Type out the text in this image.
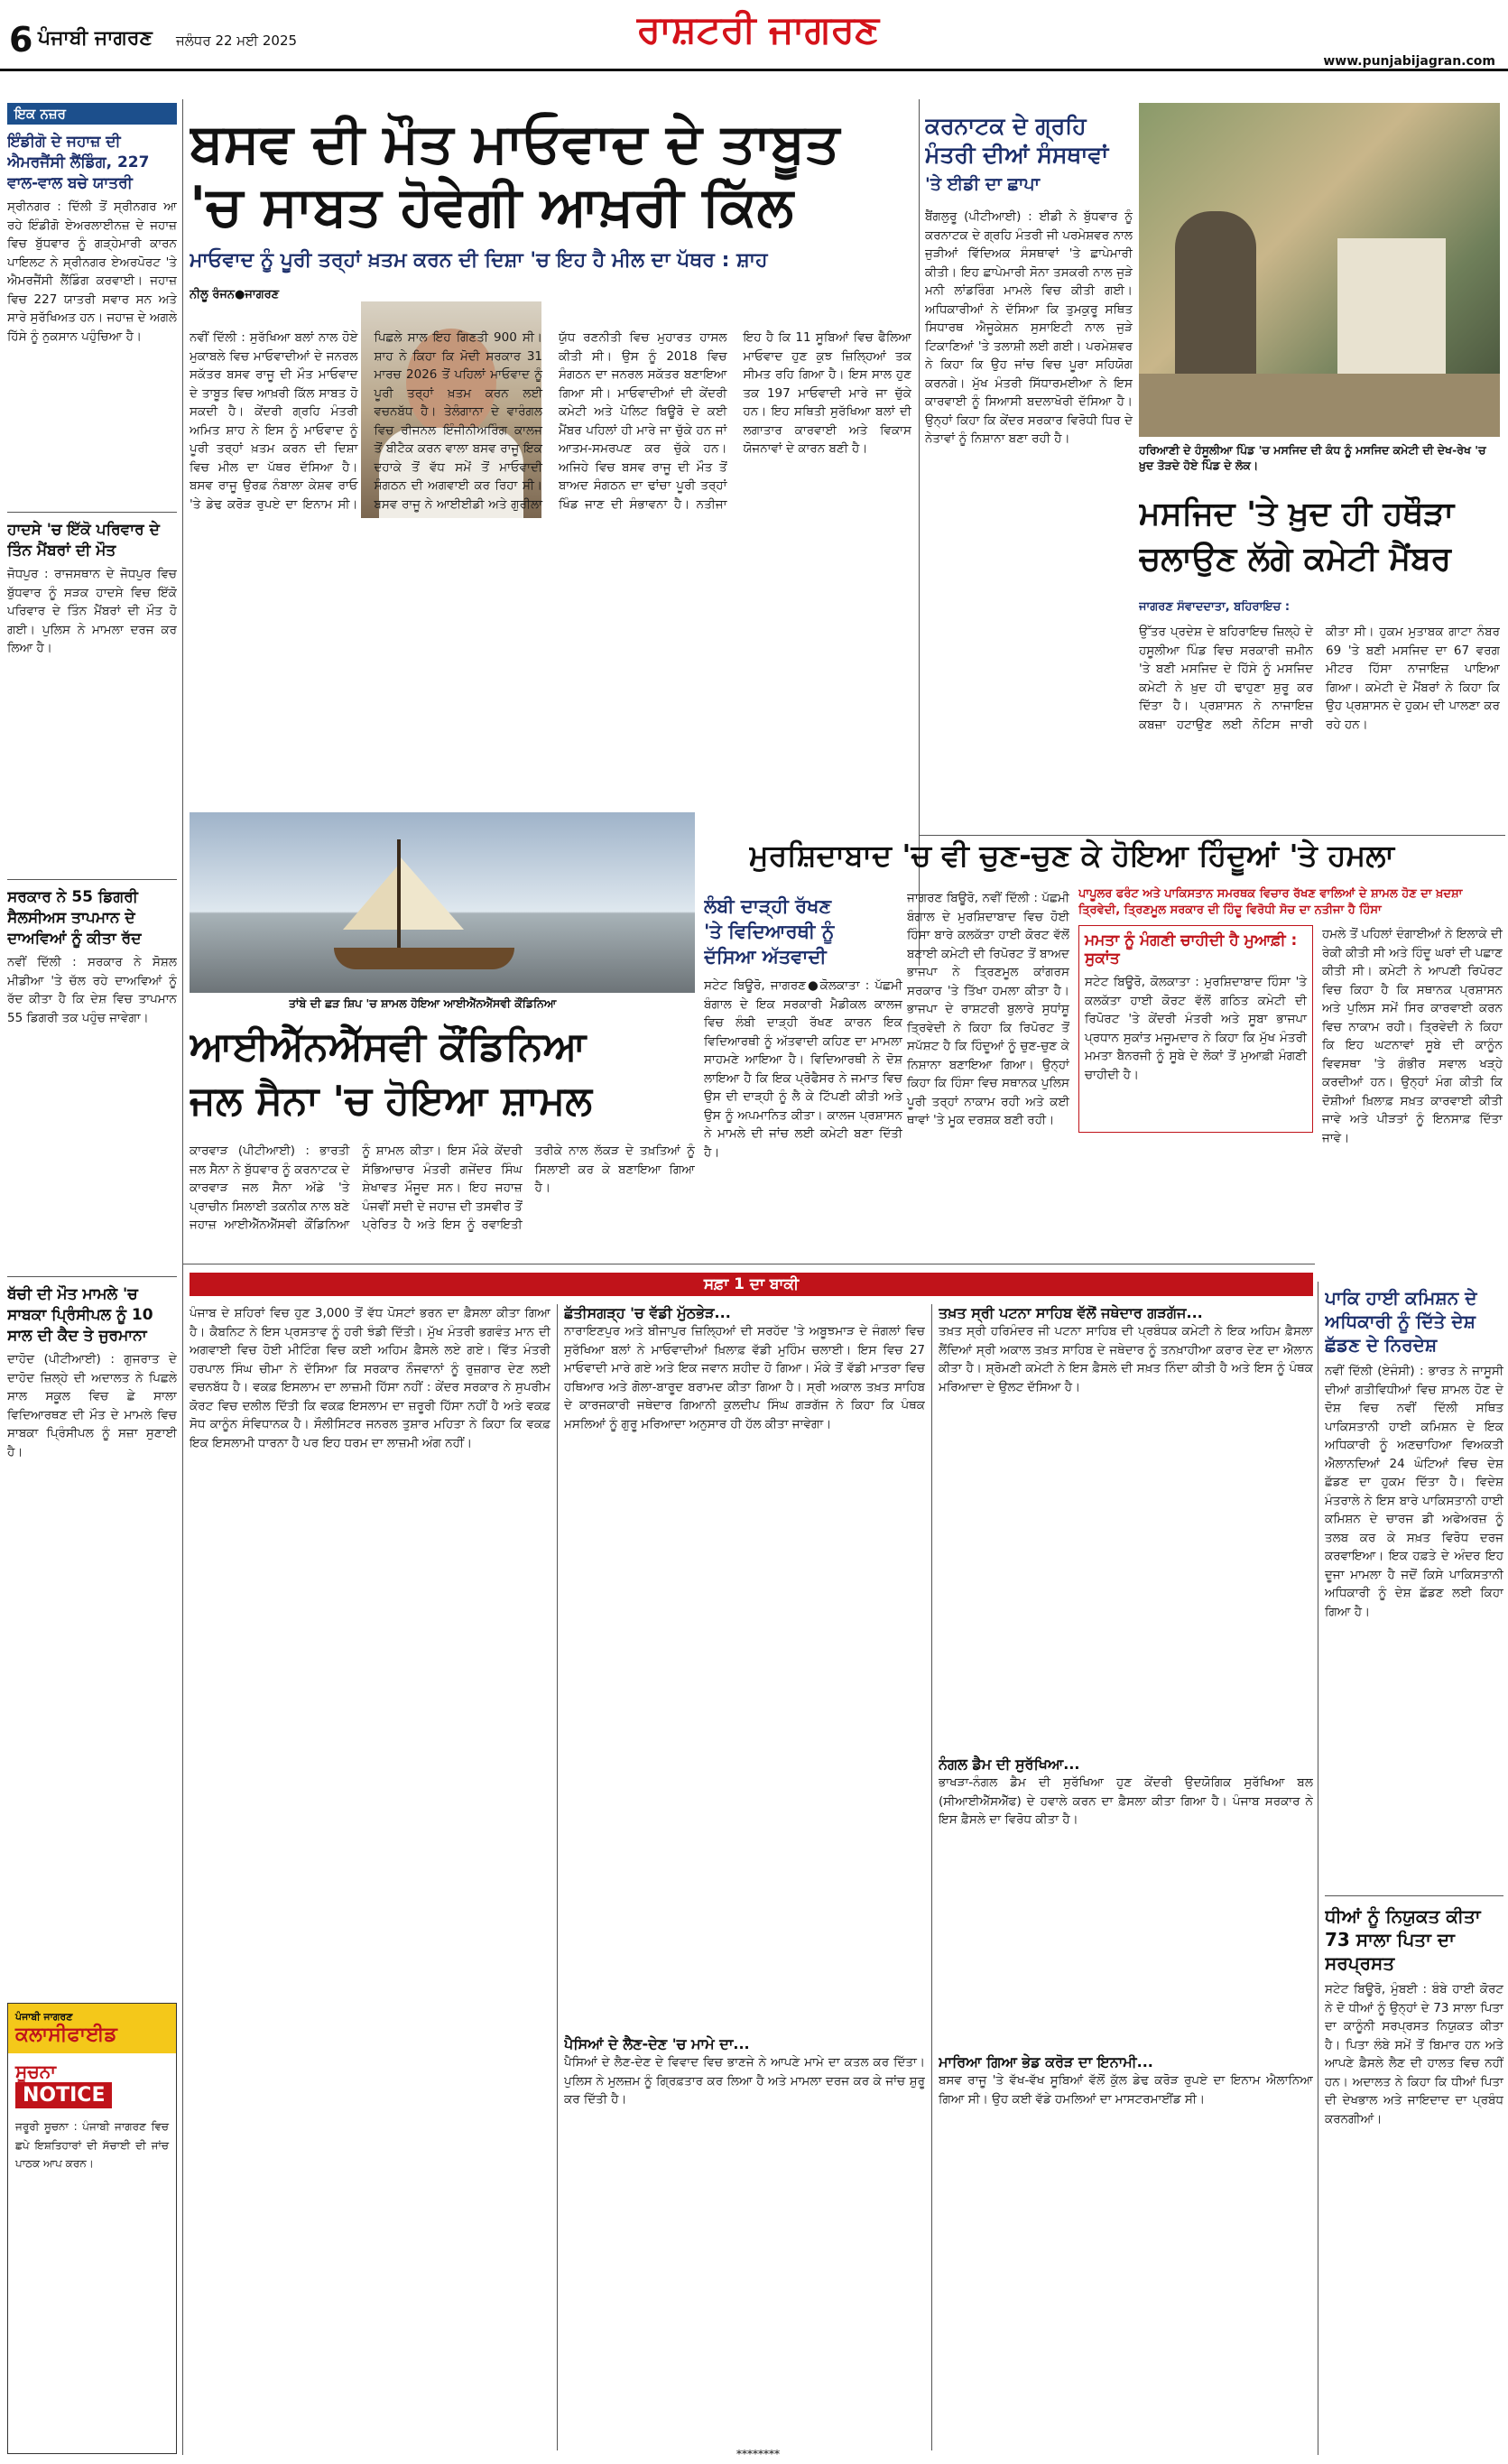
6 ਪੰਜਾਬੀ ਜਾਗਰਣ ਜਲੰਧਰ 22 ਮਈ 2025	ਰਾਸ਼ਟਰੀ ਜਾਗਰਣ
www.punjabijagran.com
ਇਕ ਨਜ਼ਰ
ਇੰਡੀਗੋ ਦੇ ਜਹਾਜ਼ ਦੀ ਐਮਰਜੈਂਸੀ ਲੈਂਡਿੰਗ, 227 ਵਾਲ-ਵਾਲ ਬਚੇ ਯਾਤਰੀ
ਸ੍ਰੀਨਗਰ : ਦਿੱਲੀ ਤੋਂ ਸ੍ਰੀਨਗਰ ਆ ਰਹੇ ਇੰਡੀਗੋ ਏਅਰਲਾਈਨਜ਼ ਦੇ ਜਹਾਜ਼ ਵਿਚ ਬੁੱਧਵਾਰ ਨੂੰ ਗੜ੍ਹੇਮਾਰੀ ਕਾਰਨ ਪਾਇਲਟ ਨੇ ਸ੍ਰੀਨਗਰ ਏਅਰਪੋਰਟ 'ਤੇ ਐਮਰਜੈਂਸੀ ਲੈਂਡਿੰਗ ਕਰਵਾਈ। ਜਹਾਜ਼ ਵਿਚ 227 ਯਾਤਰੀ ਸਵਾਰ ਸਨ ਅਤੇ ਸਾਰੇ ਸੁਰੱਖਿਅਤ ਹਨ। ਜਹਾਜ਼ ਦੇ ਅਗਲੇ ਹਿੱਸੇ ਨੂੰ ਨੁਕਸਾਨ ਪਹੁੰਚਿਆ ਹੈ।
ਹਾਦਸੇ 'ਚ ਇੱਕੋ ਪਰਿਵਾਰ ਦੇ ਤਿੰਨ ਮੈਂਬਰਾਂ ਦੀ ਮੌਤ
ਜੋਧਪੁਰ : ਰਾਜਸਥਾਨ ਦੇ ਜੋਧਪੁਰ ਵਿਚ ਬੁੱਧਵਾਰ ਨੂੰ ਸੜਕ ਹਾਦਸੇ ਵਿਚ ਇੱਕੋ ਪਰਿਵਾਰ ਦੇ ਤਿੰਨ ਮੈਂਬਰਾਂ ਦੀ ਮੌਤ ਹੋ ਗਈ। ਪੁਲਿਸ ਨੇ ਮਾਮਲਾ ਦਰਜ ਕਰ ਲਿਆ ਹੈ।
ਸਰਕਾਰ ਨੇ 55 ਡਿਗਰੀ ਸੈਲਸੀਅਸ ਤਾਪਮਾਨ ਦੇ ਦਾਅਵਿਆਂ ਨੂੰ ਕੀਤਾ ਰੱਦ
ਨਵੀਂ ਦਿੱਲੀ : ਸਰਕਾਰ ਨੇ ਸੋਸ਼ਲ ਮੀਡੀਆ 'ਤੇ ਚੱਲ ਰਹੇ ਦਾਅਵਿਆਂ ਨੂੰ ਰੱਦ ਕੀਤਾ ਹੈ ਕਿ ਦੇਸ਼ ਵਿਚ ਤਾਪਮਾਨ 55 ਡਿਗਰੀ ਤਕ ਪਹੁੰਚ ਜਾਵੇਗਾ।
ਬੱਚੀ ਦੀ ਮੌਤ ਮਾਮਲੇ 'ਚ ਸਾਬਕਾ ਪ੍ਰਿੰਸੀਪਲ ਨੂੰ 10 ਸਾਲ ਦੀ ਕੈਦ ਤੇ ਜੁਰਮਾਨਾ
ਦਾਹੋਦ (ਪੀਟੀਆਈ) : ਗੁਜਰਾਤ ਦੇ ਦਾਹੋਦ ਜ਼ਿਲ੍ਹੇ ਦੀ ਅਦਾਲਤ ਨੇ ਪਿਛਲੇ ਸਾਲ ਸਕੂਲ ਵਿਚ ਛੇ ਸਾਲਾ ਵਿਦਿਆਰਥਣ ਦੀ ਮੌਤ ਦੇ ਮਾਮਲੇ ਵਿਚ ਸਾਬਕਾ ਪ੍ਰਿੰਸੀਪਲ ਨੂੰ ਸਜ਼ਾ ਸੁਣਾਈ ਹੈ।
ਪੰਜਾਬੀ ਜਾਗਰਣ
ਕਲਾਸੀਫਾਈਡ
ਸੂਚਨਾ
NOTICE
ਜਰੂਰੀ ਸੂਚਨਾ : ਪੰਜਾਬੀ ਜਾਗਰਣ ਵਿਚ ਛਪੇ ਇਸ਼ਤਿਹਾਰਾਂ ਦੀ ਸੱਚਾਈ ਦੀ ਜਾਂਚ ਪਾਠਕ ਆਪ ਕਰਨ।
ਬਸਵ ਦੀ ਮੌਤ ਮਾਓਵਾਦ ਦੇ ਤਾਬੂਤ
'ਚ ਸਾਬਤ ਹੋਵੇਗੀ ਆਖ਼ਰੀ ਕਿੱਲ
ਮਾਓਵਾਦ ਨੂੰ ਪੂਰੀ ਤਰ੍ਹਾਂ ਖ਼ਤਮ ਕਰਨ ਦੀ ਦਿਸ਼ਾ 'ਚ ਇਹ ਹੈ ਮੀਲ ਦਾ ਪੱਥਰ : ਸ਼ਾਹ
ਨੀਲੂ ਰੰਜਨ●ਜਾਗਰਣ
ਨਵੀਂ ਦਿੱਲੀ : ਸੁਰੱਖਿਆ ਬਲਾਂ ਨਾਲ ਹੋਏ ਮੁਕਾਬਲੇ ਵਿਚ ਮਾਓਵਾਦੀਆਂ ਦੇ ਜਨਰਲ ਸਕੱਤਰ ਬਸਵ ਰਾਜੂ ਦੀ ਮੌਤ ਮਾਓਵਾਦ ਦੇ ਤਾਬੂਤ ਵਿਚ ਆਖ਼ਰੀ ਕਿੱਲ ਸਾਬਤ ਹੋ ਸਕਦੀ ਹੈ। ਕੇਂਦਰੀ ਗ੍ਰਹਿ ਮੰਤਰੀ ਅਮਿਤ ਸ਼ਾਹ ਨੇ ਇਸ ਨੂੰ ਮਾਓਵਾਦ ਨੂੰ ਪੂਰੀ ਤਰ੍ਹਾਂ ਖ਼ਤਮ ਕਰਨ ਦੀ ਦਿਸ਼ਾ ਵਿਚ ਮੀਲ ਦਾ ਪੱਥਰ ਦੱਸਿਆ ਹੈ। ਬਸਵ ਰਾਜੂ ਉਰਫ਼ ਨੰਬਾਲਾ ਕੇਸ਼ਵ ਰਾਓ 'ਤੇ ਡੇਢ ਕਰੋੜ ਰੁਪਏ ਦਾ ਇਨਾਮ ਸੀ। ਪਿਛਲੇ ਸਾਲ ਇਹ ਗਿਣਤੀ 900 ਸੀ। ਸ਼ਾਹ ਨੇ ਕਿਹਾ ਕਿ ਮੋਦੀ ਸਰਕਾਰ 31 ਮਾਰਚ 2026 ਤੋਂ ਪਹਿਲਾਂ ਮਾਓਵਾਦ ਨੂੰ ਪੂਰੀ ਤਰ੍ਹਾਂ ਖ਼ਤਮ ਕਰਨ ਲਈ ਵਚਨਬੱਧ ਹੈ। ਤੇਲੰਗਾਨਾ ਦੇ ਵਾਰੰਗਲ ਵਿਚ ਰੀਜਨਲ ਇੰਜੀਨੀਅਰਿੰਗ ਕਾਲਜ ਤੋਂ ਬੀਟੈਕ ਕਰਨ ਵਾਲਾ ਬਸਵ ਰਾਜੂ ਇਕ ਦਹਾਕੇ ਤੋਂ ਵੱਧ ਸਮੇਂ ਤੋਂ ਮਾਓਵਾਦੀ ਸੰਗਠਨ ਦੀ ਅਗਵਾਈ ਕਰ ਰਿਹਾ ਸੀ। ਬਸਵ ਰਾਜੂ ਨੇ ਆਈਈਡੀ ਅਤੇ ਗੁਰੀਲਾ ਯੁੱਧ ਰਣਨੀਤੀ ਵਿਚ ਮੁਹਾਰਤ ਹਾਸਲ ਕੀਤੀ ਸੀ। ਉਸ ਨੂੰ 2018 ਵਿਚ ਸੰਗਠਨ ਦਾ ਜਨਰਲ ਸਕੱਤਰ ਬਣਾਇਆ ਗਿਆ ਸੀ। ਮਾਓਵਾਦੀਆਂ ਦੀ ਕੇਂਦਰੀ ਕਮੇਟੀ ਅਤੇ ਪੋਲਿਟ ਬਿਊਰੋ ਦੇ ਕਈ ਮੈਂਬਰ ਪਹਿਲਾਂ ਹੀ ਮਾਰੇ ਜਾ ਚੁੱਕੇ ਹਨ ਜਾਂ ਆਤਮ-ਸਮਰਪਣ ਕਰ ਚੁੱਕੇ ਹਨ। ਅਜਿਹੇ ਵਿਚ ਬਸਵ ਰਾਜੂ ਦੀ ਮੌਤ ਤੋਂ ਬਾਅਦ ਸੰਗਠਨ ਦਾ ਢਾਂਚਾ ਪੂਰੀ ਤਰ੍ਹਾਂ ਖਿੰਡ ਜਾਣ ਦੀ ਸੰਭਾਵਨਾ ਹੈ। ਨਤੀਜਾ ਇਹ ਹੈ ਕਿ 11 ਸੂਬਿਆਂ ਵਿਚ ਫੈਲਿਆ ਮਾਓਵਾਦ ਹੁਣ ਕੁਝ ਜ਼ਿਲ੍ਹਿਆਂ ਤਕ ਸੀਮਤ ਰਹਿ ਗਿਆ ਹੈ। ਇਸ ਸਾਲ ਹੁਣ ਤਕ 197 ਮਾਓਵਾਦੀ ਮਾਰੇ ਜਾ ਚੁੱਕੇ ਹਨ। ਇਹ ਸਥਿਤੀ ਸੁਰੱਖਿਆ ਬਲਾਂ ਦੀ ਲਗਾਤਾਰ ਕਾਰਵਾਈ ਅਤੇ ਵਿਕਾਸ ਯੋਜਨਾਵਾਂ ਦੇ ਕਾਰਨ ਬਣੀ ਹੈ।
ਕਰਨਾਟਕ ਦੇ ਗ੍ਰਹਿ
ਮੰਤਰੀ ਦੀਆਂ ਸੰਸਥਾਵਾਂ
'ਤੇ ਈਡੀ ਦਾ ਛਾਪਾ
ਬੈਂਗਲੁਰੂ (ਪੀਟੀਆਈ) : ਈਡੀ ਨੇ ਬੁੱਧਵਾਰ ਨੂੰ ਕਰਨਾਟਕ ਦੇ ਗ੍ਰਹਿ ਮੰਤਰੀ ਜੀ ਪਰਮੇਸ਼ਵਰ ਨਾਲ ਜੁੜੀਆਂ ਵਿੱਦਿਅਕ ਸੰਸਥਾਵਾਂ 'ਤੇ ਛਾਪੇਮਾਰੀ ਕੀਤੀ। ਇਹ ਛਾਪੇਮਾਰੀ ਸੋਨਾ ਤਸਕਰੀ ਨਾਲ ਜੁੜੇ ਮਨੀ ਲਾਂਡਰਿੰਗ ਮਾਮਲੇ ਵਿਚ ਕੀਤੀ ਗਈ। ਅਧਿਕਾਰੀਆਂ ਨੇ ਦੱਸਿਆ ਕਿ ਤੁਮਕੁਰੂ ਸਥਿਤ ਸਿਧਾਰਥ ਐਜੂਕੇਸ਼ਨ ਸੁਸਾਇਟੀ ਨਾਲ ਜੁੜੇ ਟਿਕਾਣਿਆਂ 'ਤੇ ਤਲਾਸ਼ੀ ਲਈ ਗਈ। ਪਰਮੇਸ਼ਵਰ ਨੇ ਕਿਹਾ ਕਿ ਉਹ ਜਾਂਚ ਵਿਚ ਪੂਰਾ ਸਹਿਯੋਗ ਕਰਨਗੇ। ਮੁੱਖ ਮੰਤਰੀ ਸਿੱਧਾਰਮਈਆ ਨੇ ਇਸ ਕਾਰਵਾਈ ਨੂੰ ਸਿਆਸੀ ਬਦਲਾਖੋਰੀ ਦੱਸਿਆ ਹੈ। ਉਨ੍ਹਾਂ ਕਿਹਾ ਕਿ ਕੇਂਦਰ ਸਰਕਾਰ ਵਿਰੋਧੀ ਧਿਰ ਦੇ ਨੇਤਾਵਾਂ ਨੂੰ ਨਿਸ਼ਾਨਾ ਬਣਾ ਰਹੀ ਹੈ।
ਹਰਿਆਣੀ ਦੇ ਹੰਸੂਲੀਆ ਪਿੰਡ 'ਚ ਮਸਜਿਦ ਦੀ ਕੰਧ ਨੂੰ ਮਸਜਿਦ ਕਮੇਟੀ ਦੀ ਦੇਖ-ਰੇਖ 'ਚ ਖ਼ੁਦ ਤੋੜਦੇ ਹੋਏ ਪਿੰਡ ਦੇ ਲੋਕ।
ਮਸਜਿਦ 'ਤੇ ਖ਼ੁਦ ਹੀ ਹਥੌੜਾ
ਚਲਾਉਣ ਲੱਗੇ ਕਮੇਟੀ ਮੈਂਬਰ
ਜਾਗਰਣ ਸੰਵਾਦਦਾਤਾ, ਬਹਿਰਾਇਚ :
ਉੱਤਰ ਪ੍ਰਦੇਸ਼ ਦੇ ਬਹਿਰਾਇਚ ਜ਼ਿਲ੍ਹੇ ਦੇ ਹਸੂਲੀਆ ਪਿੰਡ ਵਿਚ ਸਰਕਾਰੀ ਜ਼ਮੀਨ 'ਤੇ ਬਣੀ ਮਸਜਿਦ ਦੇ ਹਿੱਸੇ ਨੂੰ ਮਸਜਿਦ ਕਮੇਟੀ ਨੇ ਖ਼ੁਦ ਹੀ ਢਾਹੁਣਾ ਸ਼ੁਰੂ ਕਰ ਦਿੱਤਾ ਹੈ। ਪ੍ਰਸ਼ਾਸਨ ਨੇ ਨਾਜਾਇਜ਼ ਕਬਜ਼ਾ ਹਟਾਉਣ ਲਈ ਨੋਟਿਸ ਜਾਰੀ ਕੀਤਾ ਸੀ। ਹੁਕਮ ਮੁਤਾਬਕ ਗਾਟਾ ਨੰਬਰ 69 'ਤੇ ਬਣੀ ਮਸਜਿਦ ਦਾ 67 ਵਰਗ ਮੀਟਰ ਹਿੱਸਾ ਨਾਜਾਇਜ਼ ਪਾਇਆ ਗਿਆ। ਕਮੇਟੀ ਦੇ ਮੈਂਬਰਾਂ ਨੇ ਕਿਹਾ ਕਿ ਉਹ ਪ੍ਰਸ਼ਾਸਨ ਦੇ ਹੁਕਮ ਦੀ ਪਾਲਣਾ ਕਰ ਰਹੇ ਹਨ।
ਮੁਰਸ਼ਿਦਾਬਾਦ 'ਚ ਵੀ ਚੁਣ-ਚੁਣ ਕੇ ਹੋਇਆ ਹਿੰਦੂਆਂ 'ਤੇ ਹਮਲਾ
ਪਾਪੂਲਰ ਫਰੰਟ ਅਤੇ ਪਾਕਿਸਤਾਨ ਸਮਰਥਕ ਵਿਚਾਰ ਰੱਖਣ ਵਾਲਿਆਂ ਦੇ ਸ਼ਾਮਲ ਹੋਣ ਦਾ ਖ਼ਦਸ਼ਾ
ਤ੍ਰਿਵੇਦੀ, ਤ੍ਰਿਣਮੂਲ ਸਰਕਾਰ ਦੀ ਹਿੰਦੂ ਵਿਰੋਧੀ ਸੋਚ ਦਾ ਨਤੀਜਾ ਹੈ ਹਿੰਸਾ
ਜਾਗਰਣ ਬਿਊਰੋ, ਨਵੀਂ ਦਿੱਲੀ : ਪੱਛਮੀ ਬੰਗਾਲ ਦੇ ਮੁਰਸ਼ਿਦਾਬਾਦ ਵਿਚ ਹੋਈ ਹਿੰਸਾ ਬਾਰੇ ਕਲਕੱਤਾ ਹਾਈ ਕੋਰਟ ਵੱਲੋਂ ਬਣਾਈ ਕਮੇਟੀ ਦੀ ਰਿਪੋਰਟ ਤੋਂ ਬਾਅਦ ਭਾਜਪਾ ਨੇ ਤ੍ਰਿਣਮੂਲ ਕਾਂਗਰਸ ਸਰਕਾਰ 'ਤੇ ਤਿੱਖਾ ਹਮਲਾ ਕੀਤਾ ਹੈ। ਭਾਜਪਾ ਦੇ ਰਾਸ਼ਟਰੀ ਬੁਲਾਰੇ ਸੁਧਾਂਸ਼ੂ ਤ੍ਰਿਵੇਦੀ ਨੇ ਕਿਹਾ ਕਿ ਰਿਪੋਰਟ ਤੋਂ ਸਪੱਸ਼ਟ ਹੈ ਕਿ ਹਿੰਦੂਆਂ ਨੂੰ ਚੁਣ-ਚੁਣ ਕੇ ਨਿਸ਼ਾਨਾ ਬਣਾਇਆ ਗਿਆ। ਉਨ੍ਹਾਂ ਕਿਹਾ ਕਿ ਹਿੰਸਾ ਵਿਚ ਸਥਾਨਕ ਪੁਲਿਸ ਪੂਰੀ ਤਰ੍ਹਾਂ ਨਾਕਾਮ ਰਹੀ ਅਤੇ ਕਈ ਥਾਵਾਂ 'ਤੇ ਮੂਕ ਦਰਸ਼ਕ ਬਣੀ ਰਹੀ।
ਮਮਤਾ ਨੂੰ ਮੰਗਣੀ ਚਾਹੀਦੀ ਹੈ ਮੁਆਫ਼ੀ : ਸੁਕਾਂਤ
ਸਟੇਟ ਬਿਊਰੋ, ਕੋਲਕਾਤਾ : ਮੁਰਸ਼ਿਦਾਬਾਦ ਹਿੰਸਾ 'ਤੇ ਕਲਕੱਤਾ ਹਾਈ ਕੋਰਟ ਵੱਲੋਂ ਗਠਿਤ ਕਮੇਟੀ ਦੀ ਰਿਪੋਰਟ 'ਤੇ ਕੇਂਦਰੀ ਮੰਤਰੀ ਅਤੇ ਸੂਬਾ ਭਾਜਪਾ ਪ੍ਰਧਾਨ ਸੁਕਾਂਤ ਮਜੂਮਦਾਰ ਨੇ ਕਿਹਾ ਕਿ ਮੁੱਖ ਮੰਤਰੀ ਮਮਤਾ ਬੈਨਰਜੀ ਨੂੰ ਸੂਬੇ ਦੇ ਲੋਕਾਂ ਤੋਂ ਮੁਆਫ਼ੀ ਮੰਗਣੀ ਚਾਹੀਦੀ ਹੈ।
ਹਮਲੇ ਤੋਂ ਪਹਿਲਾਂ ਦੰਗਾਈਆਂ ਨੇ ਇਲਾਕੇ ਦੀ ਰੇਕੀ ਕੀਤੀ ਸੀ ਅਤੇ ਹਿੰਦੂ ਘਰਾਂ ਦੀ ਪਛਾਣ ਕੀਤੀ ਸੀ। ਕਮੇਟੀ ਨੇ ਆਪਣੀ ਰਿਪੋਰਟ ਵਿਚ ਕਿਹਾ ਹੈ ਕਿ ਸਥਾਨਕ ਪ੍ਰਸ਼ਾਸਨ ਅਤੇ ਪੁਲਿਸ ਸਮੇਂ ਸਿਰ ਕਾਰਵਾਈ ਕਰਨ ਵਿਚ ਨਾਕਾਮ ਰਹੀ। ਤ੍ਰਿਵੇਦੀ ਨੇ ਕਿਹਾ ਕਿ ਇਹ ਘਟਨਾਵਾਂ ਸੂਬੇ ਦੀ ਕਾਨੂੰਨ ਵਿਵਸਥਾ 'ਤੇ ਗੰਭੀਰ ਸਵਾਲ ਖੜ੍ਹੇ ਕਰਦੀਆਂ ਹਨ। ਉਨ੍ਹਾਂ ਮੰਗ ਕੀਤੀ ਕਿ ਦੋਸ਼ੀਆਂ ਖ਼ਿਲਾਫ਼ ਸਖ਼ਤ ਕਾਰਵਾਈ ਕੀਤੀ ਜਾਵੇ ਅਤੇ ਪੀੜਤਾਂ ਨੂੰ ਇਨਸਾਫ਼ ਦਿੱਤਾ ਜਾਵੇ।
ਤਾਂਬੇ ਦੀ ਛੜ ਸ਼ਿਪ 'ਚ ਸ਼ਾਮਲ ਹੋਇਆ ਆਈਐੱਨਐੱਸਵੀ ਕੌਂਡਿਨਿਆ
ਲੰਬੀ ਦਾੜ੍ਹੀ ਰੱਖਣ
'ਤੇ ਵਿਦਿਆਰਥੀ ਨੂੰ
ਦੱਸਿਆ ਅੱਤਵਾਦੀ
ਸਟੇਟ ਬਿਊਰੋ, ਜਾਗਰਣ●ਕੋਲਕਾਤਾ : ਪੱਛਮੀ ਬੰਗਾਲ ਦੇ ਇਕ ਸਰਕਾਰੀ ਮੈਡੀਕਲ ਕਾਲਜ ਵਿਚ ਲੰਬੀ ਦਾੜ੍ਹੀ ਰੱਖਣ ਕਾਰਨ ਇਕ ਵਿਦਿਆਰਥੀ ਨੂੰ ਅੱਤਵਾਦੀ ਕਹਿਣ ਦਾ ਮਾਮਲਾ ਸਾਹਮਣੇ ਆਇਆ ਹੈ। ਵਿਦਿਆਰਥੀ ਨੇ ਦੋਸ਼ ਲਾਇਆ ਹੈ ਕਿ ਇਕ ਪ੍ਰੋਫੈਸਰ ਨੇ ਜਮਾਤ ਵਿਚ ਉਸ ਦੀ ਦਾੜ੍ਹੀ ਨੂੰ ਲੈ ਕੇ ਟਿੱਪਣੀ ਕੀਤੀ ਅਤੇ ਉਸ ਨੂੰ ਅਪਮਾਨਿਤ ਕੀਤਾ। ਕਾਲਜ ਪ੍ਰਸ਼ਾਸਨ ਨੇ ਮਾਮਲੇ ਦੀ ਜਾਂਚ ਲਈ ਕਮੇਟੀ ਬਣਾ ਦਿੱਤੀ ਹੈ।
ਆਈਐੱਨਐੱਸਵੀ ਕੌਂਡਿਨਿਆ
ਜਲ ਸੈਨਾ 'ਚ ਹੋਇਆ ਸ਼ਾਮਲ
ਕਾਰਵਾੜ (ਪੀਟੀਆਈ) : ਭਾਰਤੀ ਜਲ ਸੈਨਾ ਨੇ ਬੁੱਧਵਾਰ ਨੂੰ ਕਰਨਾਟਕ ਦੇ ਕਾਰਵਾੜ ਜਲ ਸੈਨਾ ਅੱਡੇ 'ਤੇ ਪ੍ਰਾਚੀਨ ਸਿਲਾਈ ਤਕਨੀਕ ਨਾਲ ਬਣੇ ਜਹਾਜ਼ ਆਈਐੱਨਐੱਸਵੀ ਕੌਂਡਿਨਿਆ ਨੂੰ ਸ਼ਾਮਲ ਕੀਤਾ। ਇਸ ਮੌਕੇ ਕੇਂਦਰੀ ਸੱਭਿਆਚਾਰ ਮੰਤਰੀ ਗਜੇਂਦਰ ਸਿੰਘ ਸ਼ੇਖਾਵਤ ਮੌਜੂਦ ਸਨ। ਇਹ ਜਹਾਜ਼ ਪੰਜਵੀਂ ਸਦੀ ਦੇ ਜਹਾਜ਼ ਦੀ ਤਸਵੀਰ ਤੋਂ ਪ੍ਰੇਰਿਤ ਹੈ ਅਤੇ ਇਸ ਨੂੰ ਰਵਾਇਤੀ ਤਰੀਕੇ ਨਾਲ ਲੱਕੜ ਦੇ ਤਖ਼ਤਿਆਂ ਨੂੰ ਸਿਲਾਈ ਕਰ ਕੇ ਬਣਾਇਆ ਗਿਆ ਹੈ।
ਸਫ਼ਾ 1 ਦਾ ਬਾਕੀ
ਪੰਜਾਬ ਦੇ ਸ਼ਹਿਰਾਂ ਵਿਚ ਹੁਣ 3,000 ਤੋਂ ਵੱਧ ਪੋਸਟਾਂ ਭਰਨ ਦਾ ਫ਼ੈਸਲਾ ਕੀਤਾ ਗਿਆ ਹੈ। ਕੈਬਨਿਟ ਨੇ ਇਸ ਪ੍ਰਸਤਾਵ ਨੂੰ ਹਰੀ ਝੰਡੀ ਦਿੱਤੀ। ਮੁੱਖ ਮੰਤਰੀ ਭਗਵੰਤ ਮਾਨ ਦੀ ਅਗਵਾਈ ਵਿਚ ਹੋਈ ਮੀਟਿੰਗ ਵਿਚ ਕਈ ਅਹਿਮ ਫ਼ੈਸਲੇ ਲਏ ਗਏ। ਵਿੱਤ ਮੰਤਰੀ ਹਰਪਾਲ ਸਿੰਘ ਚੀਮਾ ਨੇ ਦੱਸਿਆ ਕਿ ਸਰਕਾਰ ਨੌਜਵਾਨਾਂ ਨੂੰ ਰੁਜ਼ਗਾਰ ਦੇਣ ਲਈ ਵਚਨਬੱਧ ਹੈ। ਵਕਫ਼ ਇਸਲਾਮ ਦਾ ਲਾਜ਼ਮੀ ਹਿੱਸਾ ਨਹੀਂ : ਕੇਂਦਰ ਸਰਕਾਰ ਨੇ ਸੁਪਰੀਮ ਕੋਰਟ ਵਿਚ ਦਲੀਲ ਦਿੱਤੀ ਕਿ ਵਕਫ਼ ਇਸਲਾਮ ਦਾ ਜ਼ਰੂਰੀ ਹਿੱਸਾ ਨਹੀਂ ਹੈ ਅਤੇ ਵਕਫ਼ ਸੋਧ ਕਾਨੂੰਨ ਸੰਵਿਧਾਨਕ ਹੈ। ਸੌਲੀਸਿਟਰ ਜਨਰਲ ਤੁਸ਼ਾਰ ਮਹਿਤਾ ਨੇ ਕਿਹਾ ਕਿ ਵਕਫ਼ ਇਕ ਇਸਲਾਮੀ ਧਾਰਨਾ ਹੈ ਪਰ ਇਹ ਧਰਮ ਦਾ ਲਾਜ਼ਮੀ ਅੰਗ ਨਹੀਂ।
ਛੱਤੀਸਗੜ੍ਹ 'ਚ ਵੱਡੀ ਮੁੱਠਭੇੜ...
ਨਾਰਾਇਣਪੁਰ ਅਤੇ ਬੀਜਾਪੁਰ ਜ਼ਿਲ੍ਹਿਆਂ ਦੀ ਸਰਹੱਦ 'ਤੇ ਅਬੂਝਮਾੜ ਦੇ ਜੰਗਲਾਂ ਵਿਚ ਸੁਰੱਖਿਆ ਬਲਾਂ ਨੇ ਮਾਓਵਾਦੀਆਂ ਖ਼ਿਲਾਫ਼ ਵੱਡੀ ਮੁਹਿੰਮ ਚਲਾਈ। ਇਸ ਵਿਚ 27 ਮਾਓਵਾਦੀ ਮਾਰੇ ਗਏ ਅਤੇ ਇਕ ਜਵਾਨ ਸ਼ਹੀਦ ਹੋ ਗਿਆ। ਮੌਕੇ ਤੋਂ ਵੱਡੀ ਮਾਤਰਾ ਵਿਚ ਹਥਿਆਰ ਅਤੇ ਗੋਲਾ-ਬਾਰੂਦ ਬਰਾਮਦ ਕੀਤਾ ਗਿਆ ਹੈ। ਸ੍ਰੀ ਅਕਾਲ ਤਖ਼ਤ ਸਾਹਿਬ ਦੇ ਕਾਰਜਕਾਰੀ ਜਥੇਦਾਰ ਗਿਆਨੀ ਕੁਲਦੀਪ ਸਿੰਘ ਗੜਗੱਜ ਨੇ ਕਿਹਾ ਕਿ ਪੰਥਕ ਮਸਲਿਆਂ ਨੂੰ ਗੁਰੂ ਮਰਿਆਦਾ ਅਨੁਸਾਰ ਹੀ ਹੱਲ ਕੀਤਾ ਜਾਵੇਗਾ।
ਪੈਸਿਆਂ ਦੇ ਲੈਣ-ਦੇਣ 'ਚ ਮਾਮੇ ਦਾ...
ਪੈਸਿਆਂ ਦੇ ਲੈਣ-ਦੇਣ ਦੇ ਵਿਵਾਦ ਵਿਚ ਭਾਣਜੇ ਨੇ ਆਪਣੇ ਮਾਮੇ ਦਾ ਕਤਲ ਕਰ ਦਿੱਤਾ। ਪੁਲਿਸ ਨੇ ਮੁਲਜ਼ਮ ਨੂੰ ਗ੍ਰਿਫ਼ਤਾਰ ਕਰ ਲਿਆ ਹੈ ਅਤੇ ਮਾਮਲਾ ਦਰਜ ਕਰ ਕੇ ਜਾਂਚ ਸ਼ੁਰੂ ਕਰ ਦਿੱਤੀ ਹੈ।
ਤਖ਼ਤ ਸ੍ਰੀ ਪਟਨਾ ਸਾਹਿਬ ਵੱਲੋਂ ਜਥੇਦਾਰ ਗੜਗੱਜ...
ਤਖ਼ਤ ਸ੍ਰੀ ਹਰਿਮੰਦਰ ਜੀ ਪਟਨਾ ਸਾਹਿਬ ਦੀ ਪ੍ਰਬੰਧਕ ਕਮੇਟੀ ਨੇ ਇਕ ਅਹਿਮ ਫ਼ੈਸਲਾ ਲੈਂਦਿਆਂ ਸ੍ਰੀ ਅਕਾਲ ਤਖ਼ਤ ਸਾਹਿਬ ਦੇ ਜਥੇਦਾਰ ਨੂੰ ਤਨਖ਼ਾਹੀਆ ਕਰਾਰ ਦੇਣ ਦਾ ਐਲਾਨ ਕੀਤਾ ਹੈ। ਸ਼੍ਰੋਮਣੀ ਕਮੇਟੀ ਨੇ ਇਸ ਫ਼ੈਸਲੇ ਦੀ ਸਖ਼ਤ ਨਿੰਦਾ ਕੀਤੀ ਹੈ ਅਤੇ ਇਸ ਨੂੰ ਪੰਥਕ ਮਰਿਆਦਾ ਦੇ ਉਲਟ ਦੱਸਿਆ ਹੈ।
ਨੰਗਲ ਡੈਮ ਦੀ ਸੁਰੱਖਿਆ...
ਭਾਖੜਾ-ਨੰਗਲ ਡੈਮ ਦੀ ਸੁਰੱਖਿਆ ਹੁਣ ਕੇਂਦਰੀ ਉਦਯੋਗਿਕ ਸੁਰੱਖਿਆ ਬਲ (ਸੀਆਈਐੱਸਐੱਫ) ਦੇ ਹਵਾਲੇ ਕਰਨ ਦਾ ਫ਼ੈਸਲਾ ਕੀਤਾ ਗਿਆ ਹੈ। ਪੰਜਾਬ ਸਰਕਾਰ ਨੇ ਇਸ ਫ਼ੈਸਲੇ ਦਾ ਵਿਰੋਧ ਕੀਤਾ ਹੈ।
ਮਾਰਿਆ ਗਿਆ ਭੇਡ ਕਰੋੜ ਦਾ ਇਨਾਮੀ...
ਬਸਵ ਰਾਜੂ 'ਤੇ ਵੱਖ-ਵੱਖ ਸੂਬਿਆਂ ਵੱਲੋਂ ਕੁੱਲ ਡੇਢ ਕਰੋੜ ਰੁਪਏ ਦਾ ਇਨਾਮ ਐਲਾਨਿਆ ਗਿਆ ਸੀ। ਉਹ ਕਈ ਵੱਡੇ ਹਮਲਿਆਂ ਦਾ ਮਾਸਟਰਮਾਈਂਡ ਸੀ।
ਪਾਕਿ ਹਾਈ ਕਮਿਸ਼ਨ ਦੇ ਅਧਿਕਾਰੀ ਨੂੰ ਦਿੱਤੇ ਦੇਸ਼ ਛੱਡਣ ਦੇ ਨਿਰਦੇਸ਼
ਨਵੀਂ ਦਿੱਲੀ (ਏਜੰਸੀ) : ਭਾਰਤ ਨੇ ਜਾਸੂਸੀ ਦੀਆਂ ਗਤੀਵਿਧੀਆਂ ਵਿਚ ਸ਼ਾਮਲ ਹੋਣ ਦੇ ਦੋਸ਼ ਵਿਚ ਨਵੀਂ ਦਿੱਲੀ ਸਥਿਤ ਪਾਕਿਸਤਾਨੀ ਹਾਈ ਕਮਿਸ਼ਨ ਦੇ ਇਕ ਅਧਿਕਾਰੀ ਨੂੰ ਅਣਚਾਹਿਆ ਵਿਅਕਤੀ ਐਲਾਨਦਿਆਂ 24 ਘੰਟਿਆਂ ਵਿਚ ਦੇਸ਼ ਛੱਡਣ ਦਾ ਹੁਕਮ ਦਿੱਤਾ ਹੈ। ਵਿਦੇਸ਼ ਮੰਤਰਾਲੇ ਨੇ ਇਸ ਬਾਰੇ ਪਾਕਿਸਤਾਨੀ ਹਾਈ ਕਮਿਸ਼ਨ ਦੇ ਚਾਰਜ ਡੀ ਅਫੇਅਰਜ਼ ਨੂੰ ਤਲਬ ਕਰ ਕੇ ਸਖ਼ਤ ਵਿਰੋਧ ਦਰਜ ਕਰਵਾਇਆ। ਇਕ ਹਫ਼ਤੇ ਦੇ ਅੰਦਰ ਇਹ ਦੂਜਾ ਮਾਮਲਾ ਹੈ ਜਦੋਂ ਕਿਸੇ ਪਾਕਿਸਤਾਨੀ ਅਧਿਕਾਰੀ ਨੂੰ ਦੇਸ਼ ਛੱਡਣ ਲਈ ਕਿਹਾ ਗਿਆ ਹੈ।
ਧੀਆਂ ਨੂੰ ਨਿਯੁਕਤ ਕੀਤਾ 73 ਸਾਲਾ ਪਿਤਾ ਦਾ ਸਰਪ੍ਰਸਤ
ਸਟੇਟ ਬਿਊਰੋ, ਮੁੰਬਈ : ਬੰਬੇ ਹਾਈ ਕੋਰਟ ਨੇ ਦੋ ਧੀਆਂ ਨੂੰ ਉਨ੍ਹਾਂ ਦੇ 73 ਸਾਲਾ ਪਿਤਾ ਦਾ ਕਾਨੂੰਨੀ ਸਰਪ੍ਰਸਤ ਨਿਯੁਕਤ ਕੀਤਾ ਹੈ। ਪਿਤਾ ਲੰਬੇ ਸਮੇਂ ਤੋਂ ਬਿਮਾਰ ਹਨ ਅਤੇ ਆਪਣੇ ਫ਼ੈਸਲੇ ਲੈਣ ਦੀ ਹਾਲਤ ਵਿਚ ਨਹੀਂ ਹਨ। ਅਦਾਲਤ ਨੇ ਕਿਹਾ ਕਿ ਧੀਆਂ ਪਿਤਾ ਦੀ ਦੇਖਭਾਲ ਅਤੇ ਜਾਇਦਾਦ ਦਾ ਪ੍ਰਬੰਧ ਕਰਨਗੀਆਂ।
********
